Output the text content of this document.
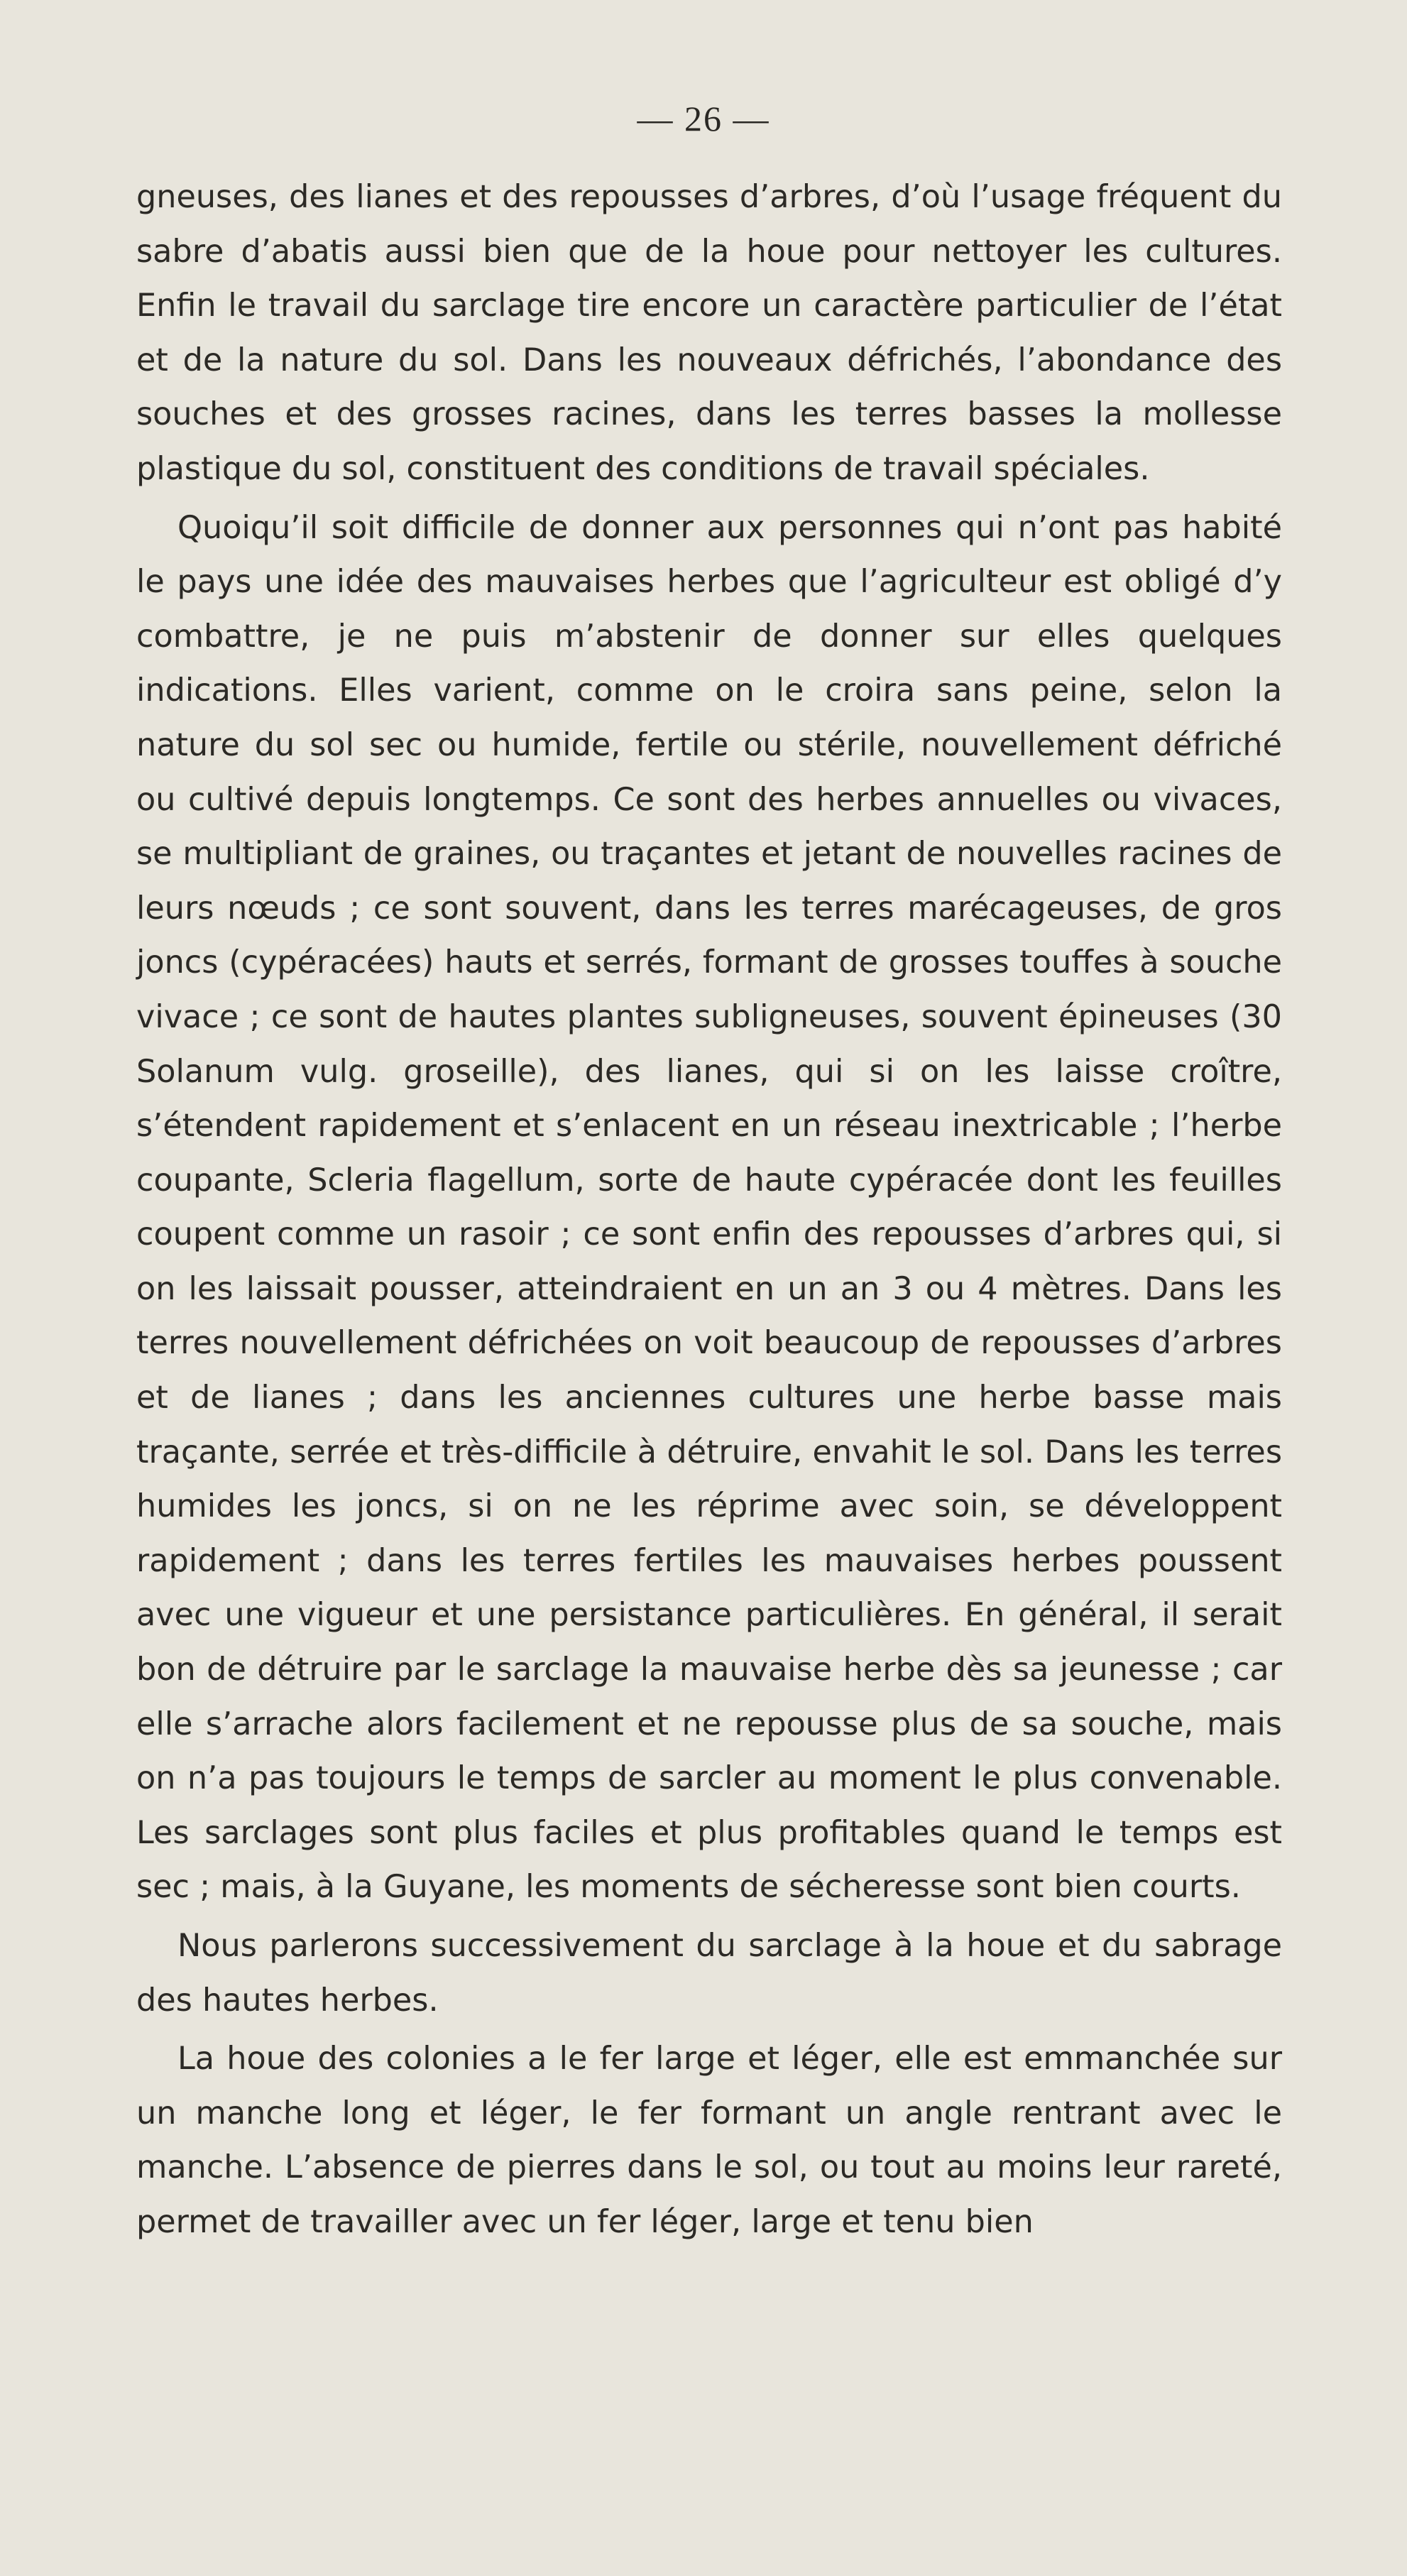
— 26 —

gneuses, des lianes et des repousses d’arbres, d’où l’usage fréquent du sabre d’abatis aussi bien que de la houe pour nettoyer les cultures. Enfin le travail du sarclage tire encore un caractère particulier de l’état et de la nature du sol. Dans les nouveaux défrichés, l’abondance des souches et des grosses racines, dans les terres basses la mollesse plastique du sol, constituent des conditions de travail spéciales.

Quoiqu’il soit difficile de donner aux personnes qui n’ont pas habité le pays une idée des mauvaises herbes que l’agriculteur est obligé d’y combattre, je ne puis m’abstenir de donner sur elles quelques indications. Elles varient, comme on le croira sans peine, selon la nature du sol sec ou humide, fertile ou stérile, nouvellement défriché ou cultivé depuis longtemps. Ce sont des herbes annuelles ou vivaces, se multipliant de graines, ou traçantes et jetant de nouvelles racines de leurs nœuds ; ce sont souvent, dans les terres marécageuses, de gros joncs (cypéracées) hauts et serrés, formant de grosses touffes à souche vivace ; ce sont de hautes plantes subligneuses, souvent épineuses (30 Solanum vulg. groseille), des lianes, qui si on les laisse croître, s’étendent rapidement et s’enlacent en un réseau inextricable ; l’herbe coupante, Scleria flagellum, sorte de haute cypéracée dont les feuilles coupent comme un rasoir ; ce sont enfin des repousses d’arbres qui, si on les laissait pousser, atteindraient en un an 3 ou 4 mètres. Dans les terres nouvellement défrichées on voit beaucoup de repousses d’arbres et de lianes ; dans les anciennes cultures une herbe basse mais traçante, serrée et très-difficile à détruire, envahit le sol. Dans les terres humides les joncs, si on ne les réprime avec soin, se développent rapidement ; dans les terres fertiles les mauvaises herbes poussent avec une vigueur et une persistance particulières. En général, il serait bon de détruire par le sarclage la mauvaise herbe dès sa jeunesse ; car elle s’arrache alors facilement et ne repousse plus de sa souche, mais on n’a pas toujours le temps de sarcler au moment le plus convenable. Les sarclages sont plus faciles et plus profitables quand le temps est sec ; mais, à la Guyane, les moments de sécheresse sont bien courts.

Nous parlerons successivement du sarclage à la houe et du sabrage des hautes herbes.

La houe des colonies a le fer large et léger, elle est emmanchée sur un manche long et léger, le fer formant un angle rentrant avec le manche. L’absence de pierres dans le sol, ou tout au moins leur rareté, permet de travailler avec un fer léger, large et tenu bien
